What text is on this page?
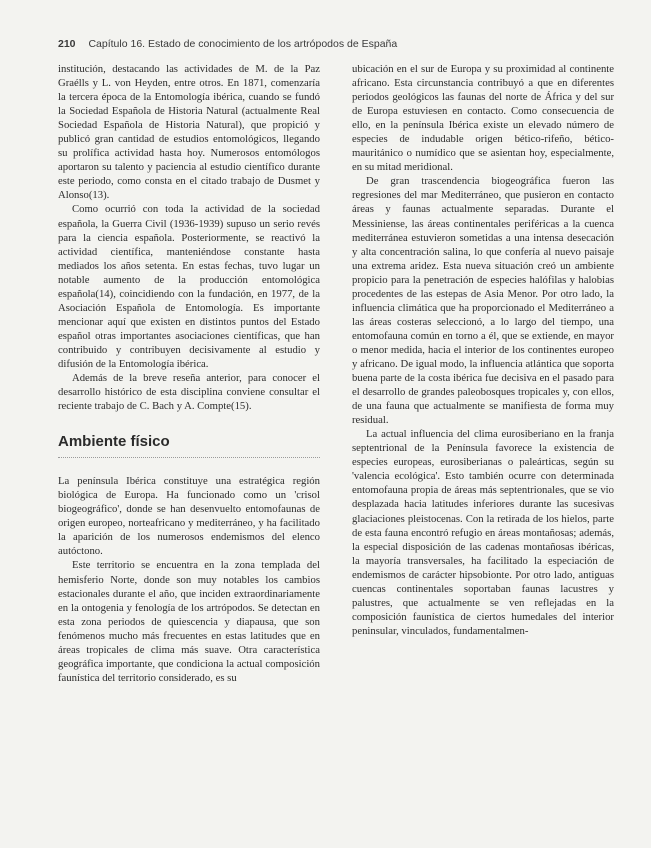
210 Capítulo 16. Estado de conocimiento de los artrópodos de España

institución, destacando las actividades de M. de la Paz Graélls y L. von Heyden, entre otros. En 1871, comenzaría la tercera época de la Entomología ibérica, cuando se fundó la Sociedad Española de Historia Natural (actualmente Real Sociedad Española de Historia Natural), que propició y publicó gran cantidad de estudios entomológicos, llegando su prolífica actividad hasta hoy. Numerosos entomólogos aportaron su talento y paciencia al estudio científico durante este periodo, como consta en el citado trabajo de Dusmet y Alonso(13).

Como ocurrió con toda la actividad de la sociedad española, la Guerra Civil (1936-1939) supuso un serio revés para la ciencia española. Posteriormente, se reactivó la actividad científica, manteniéndose constante hasta mediados los años setenta. En estas fechas, tuvo lugar un notable aumento de la producción entomológica española(14), coincidiendo con la fundación, en 1977, de la Asociación Española de Entomología. Es importante mencionar aquí que existen en distintos puntos del Estado español otras importantes asociaciones científicas, que han contribuido y contribuyen decisivamente al estudio y difusión de la Entomología ibérica.

Además de la breve reseña anterior, para conocer el desarrollo histórico de esta disciplina conviene consultar el reciente trabajo de C. Bach y A. Compte(15).

Ambiente físico

La península Ibérica constituye una estratégica región biológica de Europa. Ha funcionado como un 'crisol biogeográfico', donde se han desenvuelto entomofaunas de origen europeo, norteafricano y mediterráneo, y ha facilitado la aparición de los numerosos endemismos del elenco autóctono.

Este territorio se encuentra en la zona templada del hemisferio Norte, donde son muy notables los cambios estacionales durante el año, que inciden extraordinariamente en la ontogenia y fenología de los artrópodos. Se detectan en esta zona periodos de quiescencia y diapausa, que son fenómenos mucho más frecuentes en estas latitudes que en áreas tropicales de clima más suave. Otra característica geográfica importante, que condiciona la actual composición faunística del territorio considerado, es su

ubicación en el sur de Europa y su proximidad al continente africano. Esta circunstancia contribuyó a que en diferentes periodos geológicos las faunas del norte de África y del sur de Europa estuviesen en contacto. Como consecuencia de ello, en la península Ibérica existe un elevado número de especies de indudable origen bético-rifeño, bético-mauritánico o numídico que se asientan hoy, especialmente, en su mitad meridional.

De gran trascendencia biogeográfica fueron las regresiones del mar Mediterráneo, que pusieron en contacto áreas y faunas actualmente separadas. Durante el Messiniense, las áreas continentales periféricas a la cuenca mediterránea estuvieron sometidas a una intensa desecación y alta concentración salina, lo que confería al nuevo paisaje una extrema aridez. Esta nueva situación creó un ambiente propicio para la penetración de especies halófilas y halobias procedentes de las estepas de Asia Menor. Por otro lado, la influencia climática que ha proporcionado el Mediterráneo a las áreas costeras seleccionó, a lo largo del tiempo, una entomofauna común en torno a él, que se extiende, en mayor o menor medida, hacia el interior de los continentes europeo y africano. De igual modo, la influencia atlántica que soporta buena parte de la costa ibérica fue decisiva en el pasado para el desarrollo de grandes paleobosques tropicales y, con ellos, de una fauna que actualmente se manifiesta de forma muy residual.

La actual influencia del clima eurosiberiano en la franja septentrional de la Península favorece la existencia de especies europeas, eurosiberianas o paleárticas, según su 'valencia ecológica'. Esto también ocurre con determinada entomofauna propia de áreas más septentrionales, que se vio desplazada hacia latitudes inferiores durante las sucesivas glaciaciones pleistocenas. Con la retirada de los hielos, parte de esta fauna encontró refugio en áreas montañosas; además, la especial disposición de las cadenas montañosas ibéricas, la mayoría transversales, ha facilitado la especiación de endemismos de carácter hipsobionte. Por otro lado, antiguas cuencas continentales soportaban faunas lacustres y palustres, que actualmente se ven reflejadas en la composición faunística de ciertos humedales del interior peninsular, vinculados, fundamentalmen-
